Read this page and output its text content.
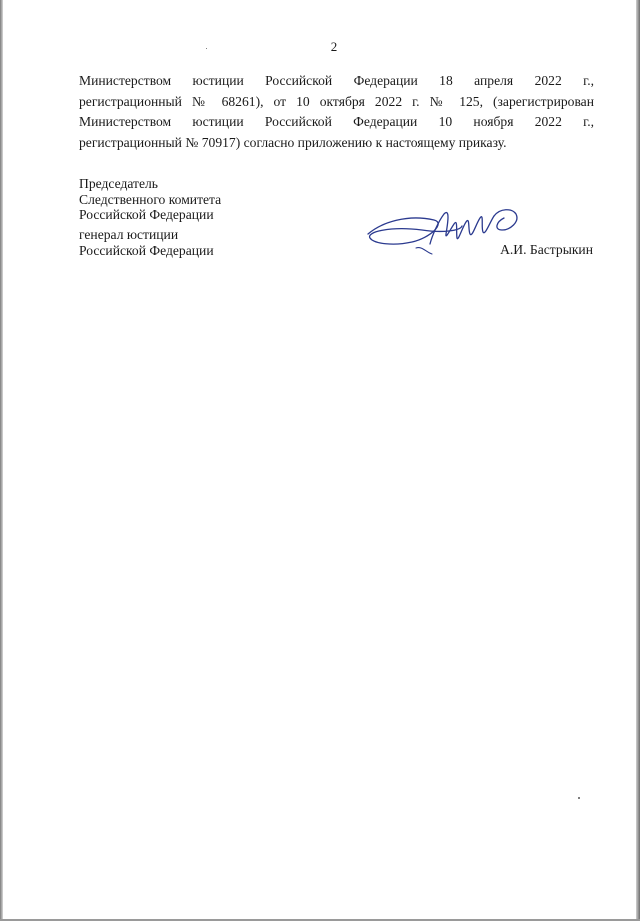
2
Министерством юстиции Российской Федерации 18 апреля 2022 г.,
регистрационный № 68261), от 10 октября 2022 г. № 125, (зарегистрирован
Министерством юстиции Российской Федерации 10 ноября 2022 г.,
регистрационный № 70917) согласно приложению к настоящему приказу.
Председатель
Следственного комитета
Российской Федерации
генерал юстиции
Российской Федерации	А.И. Бастрыкин
